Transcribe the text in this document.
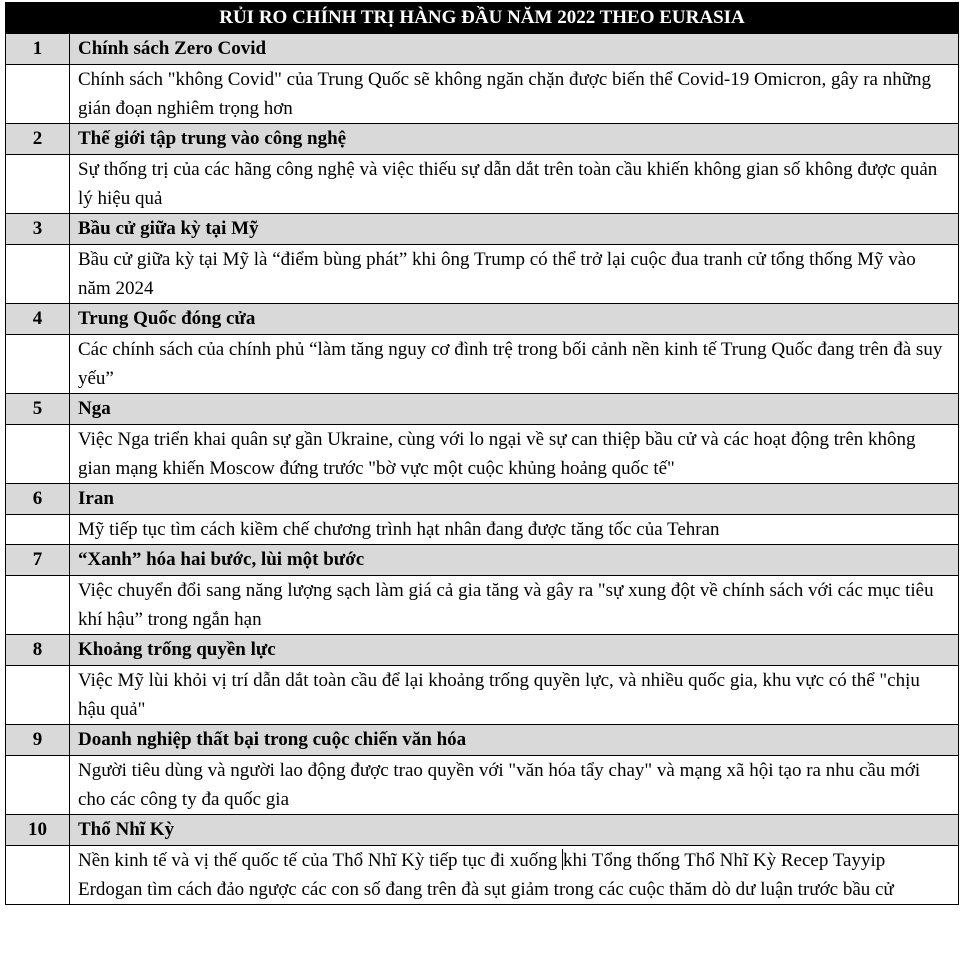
RỦI RO CHÍNH TRỊ HÀNG ĐẦU NĂM 2022 THEO EURASIA	
1	Chính sách Zero Covid
	Chính sách "không Covid" của Trung Quốc sẽ không ngăn chặn được biến thể Covid-19 Omicron, gây ra những gián đoạn nghiêm trọng hơn
2	Thế giới tập trung vào công nghệ
	Sự thống trị của các hãng công nghệ và việc thiếu sự dẫn dắt trên toàn cầu khiến không gian số không được quản lý hiệu quả
3	Bầu cử giữa kỳ tại Mỹ
	Bầu cử giữa kỳ tại Mỹ là “điểm bùng phát” khi ông Trump có thể trở lại cuộc đua tranh cử tổng thống Mỹ vào năm 2024
4	Trung Quốc đóng cửa
	Các chính sách của chính phủ “làm tăng nguy cơ đình trệ trong bối cảnh nền kinh tế Trung Quốc đang trên đà suy yếu”
5	Nga
	Việc Nga triển khai quân sự gần Ukraine, cùng với lo ngại về sự can thiệp bầu cử và các hoạt động trên không gian mạng khiến Moscow đứng trước "bờ vực một cuộc khủng hoảng quốc tế"
6	Iran
	Mỹ tiếp tục tìm cách kiềm chế chương trình hạt nhân đang được tăng tốc của Tehran
7	“Xanh” hóa hai bước, lùi một bước
	Việc chuyển đổi sang năng lượng sạch làm giá cả gia tăng và gây ra "sự xung đột về chính sách với các mục tiêu khí hậu” trong ngắn hạn
8	Khoảng trống quyền lực
	Việc Mỹ lùi khỏi vị trí dẫn dắt toàn cầu để lại khoảng trống quyền lực, và nhiều quốc gia, khu vực có thể "chịu hậu quả"
9	Doanh nghiệp thất bại trong cuộc chiến văn hóa
	Người tiêu dùng và người lao động được trao quyền với "văn hóa tẩy chay" và mạng xã hội tạo ra nhu cầu mới cho các công ty đa quốc gia
10	Thổ Nhĩ Kỳ
	Nền kinh tế và vị thế quốc tế của Thổ Nhĩ Kỳ tiếp tục đi xuống khi Tổng thống Thổ Nhĩ Kỳ Recep Tayyip Erdogan tìm cách đảo ngược các con số đang trên đà sụt giảm trong các cuộc thăm dò dư luận trước bầu cử
